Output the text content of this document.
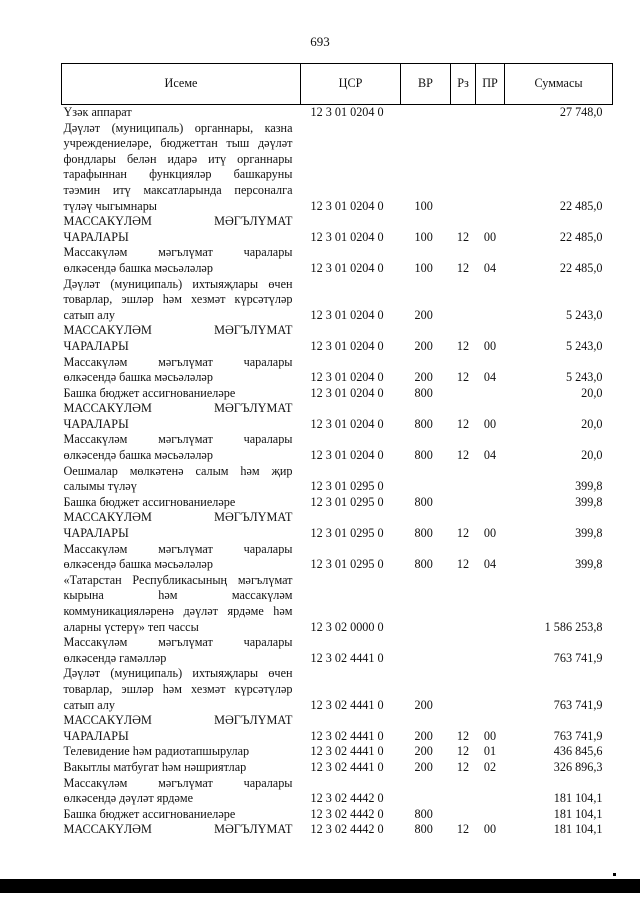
693
Исеме	ЦСР	ВР	Рз	ПР	Суммасы
Үзәк аппарат	12 3 01 0204 0				27 748,0
Дәүләт (муниципаль) органнары, казна учреждениеләре, бюджеттан тыш дәүләт фондлары белән идарә итү органнары тарафыннан функцияләр башкаруны тәэмин итү максатларында персоналга түләү чыгымнары	12 3 01 0204 0	100			22 485,0
МАССАКҮЛӘМ МӘГЪЛҮМАТ ЧАРАЛАРЫ	12 3 01 0204 0	100	12	00	22 485,0
Массакүләм мәгълүмат чаралары өлкәсендә башка мәсьәләләр	12 3 01 0204 0	100	12	04	22 485,0
Дәүләт (муниципаль) ихтыяҗлары өчен товарлар, эшләр һәм хезмәт күрсәтүләр сатып алу	12 3 01 0204 0	200			5 243,0
МАССАКҮЛӘМ МӘГЪЛҮМАТ ЧАРАЛАРЫ	12 3 01 0204 0	200	12	00	5 243,0
Массакүләм мәгълүмат чаралары өлкәсендә башка мәсьәләләр	12 3 01 0204 0	200	12	04	5 243,0
Башка бюджет ассигнованиеләре	12 3 01 0204 0	800			20,0
МАССАКҮЛӘМ МӘГЪЛҮМАТ ЧАРАЛАРЫ	12 3 01 0204 0	800	12	00	20,0
Массакүләм мәгълүмат чаралары өлкәсендә башка мәсьәләләр	12 3 01 0204 0	800	12	04	20,0
Оешмалар мөлкәтенә салым һәм җир салымы түләү	12 3 01 0295 0				399,8
Башка бюджет ассигнованиеләре	12 3 01 0295 0	800			399,8
МАССАКҮЛӘМ МӘГЪЛҮМАТ ЧАРАЛАРЫ	12 3 01 0295 0	800	12	00	399,8
Массакүләм мәгълүмат чаралары өлкәсендә башка мәсьәләләр	12 3 01 0295 0	800	12	04	399,8
«Татарстан Республикасының мәгълүмат кырына һәм массакүләм коммуникацияләренә дәүләт ярдәме һәм аларны үстерү» теп часcы	12 3 02 0000 0				1 586 253,8
Массакүләм мәгълүмат чаралары өлкәсендә гамәлләр	12 3 02 4441 0				763 741,9
Дәүләт (муниципаль) ихтыяҗлары өчен товарлар, эшләр һәм хезмәт күрсәтүләр сатып алу	12 3 02 4441 0	200			763 741,9
МАССАКҮЛӘМ МӘГЪЛҮМАТ ЧАРАЛАРЫ	12 3 02 4441 0	200	12	00	763 741,9
Телевидение һәм радиотапшырулар	12 3 02 4441 0	200	12	01	436 845,6
Вакытлы матбугат һәм нәшриятлар	12 3 02 4441 0	200	12	02	326 896,3
Массакүләм мәгълүмат чаралары өлкәсендә дәүләт ярдәме	12 3 02 4442 0				181 104,1
Башка бюджет ассигнованиеләре	12 3 02 4442 0	800			181 104,1
МАССАКҮЛӘМ МӘГЪЛҮМАТ	12 3 02 4442 0	800	12	00	181 104,1
